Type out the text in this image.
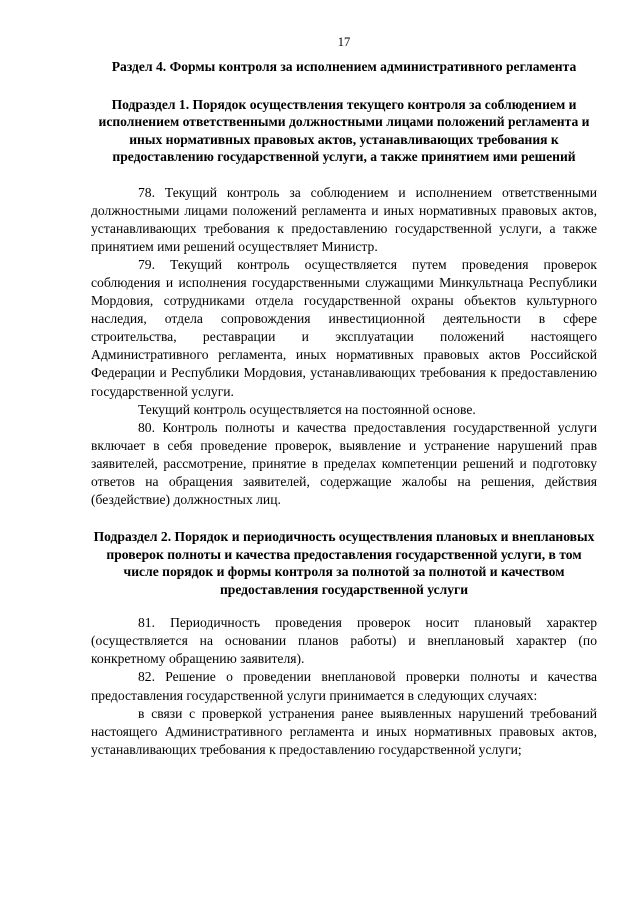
17
Раздел 4. Формы контроля за исполнением административного регламента
Подраздел 1. Порядок осуществления текущего контроля за соблюдением и исполнением ответственными должностными лицами положений регламента и иных нормативных правовых актов, устанавливающих требования к предоставлению государственной услуги, а также принятием ими решений

78. Текущий контроль за соблюдением и исполнением ответственными должностными лицами положений регламента и иных нормативных правовых актов, устанавливающих требования к предоставлению государственной услуги, а также принятием ими решений осуществляет Министр.

79. Текущий контроль осуществляется путем проведения проверок соблюдения и исполнения государственными служащими Минкультнаца Республики Мордовия, сотрудниками отдела государственной охраны объектов культурного наследия, отдела сопровождения инвестиционной деятельности в сфере строительства, реставрации и эксплуатации положений настоящего Административного регламента, иных нормативных правовых актов Российской Федерации и Республики Мордовия, устанавливающих требования к предоставлению государственной услуги.

Текущий контроль осуществляется на постоянной основе.

80. Контроль полноты и качества предоставления государственной услуги включает в себя проведение проверок, выявление и устранение нарушений прав заявителей, рассмотрение, принятие в пределах компетенции решений и подготовку ответов на обращения заявителей, содержащие жалобы на решения, действия (бездействие) должностных лиц.

Подраздел 2. Порядок и периодичность осуществления плановых и внеплановых проверок полноты и качества предоставления государственной услуги, в том числе порядок и формы контроля за полнотой за полнотой и качеством предоставления государственной услуги

81. Периодичность проведения проверок носит плановый характер (осуществляется на основании планов работы) и внеплановый характер (по конкретному обращению заявителя).

82. Решение о проведении внеплановой проверки полноты и качества предоставления государственной услуги принимается в следующих случаях:

в связи с проверкой устранения ранее выявленных нарушений требований настоящего Административного регламента и иных нормативных правовых актов, устанавливающих требования к предоставлению государственной услуги;
